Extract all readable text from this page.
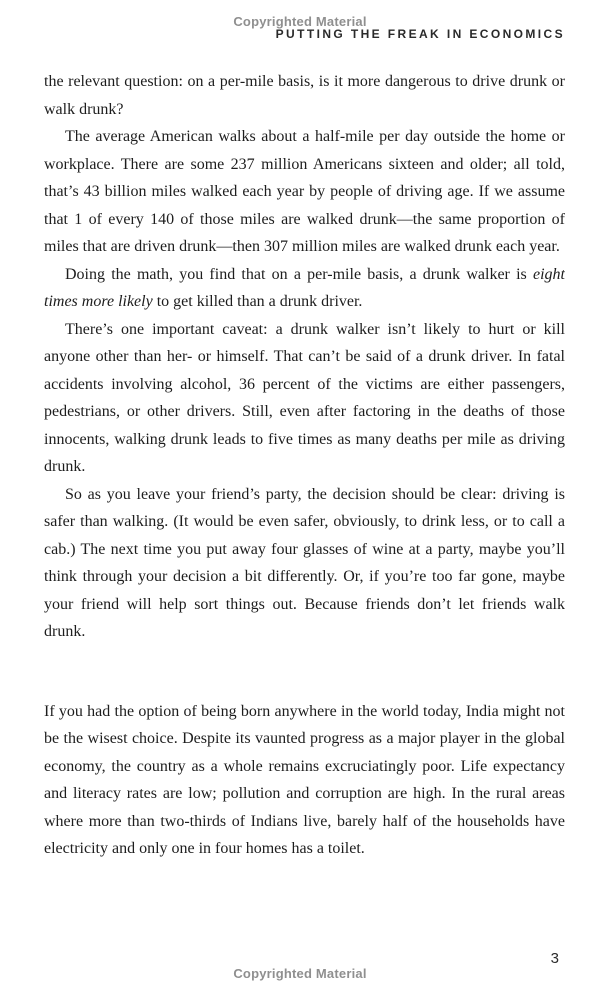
Copyrighted Material
PUTTING THE FREAK IN ECONOMICS

the relevant question: on a per-mile basis, is it more dangerous to drive drunk or walk drunk?

The average American walks about a half-mile per day outside the home or workplace. There are some 237 million Americans sixteen and older; all told, that’s 43 billion miles walked each year by people of driving age. If we assume that 1 of every 140 of those miles are walked drunk—the same proportion of miles that are driven drunk—then 307 million miles are walked drunk each year.

Doing the math, you find that on a per-mile basis, a drunk walker is eight times more likely to get killed than a drunk driver.

There’s one important caveat: a drunk walker isn’t likely to hurt or kill anyone other than her- or himself. That can’t be said of a drunk driver. In fatal accidents involving alcohol, 36 percent of the victims are either passengers, pedestrians, or other drivers. Still, even after factoring in the deaths of those innocents, walking drunk leads to five times as many deaths per mile as driving drunk.

So as you leave your friend’s party, the decision should be clear: driving is safer than walking. (It would be even safer, obviously, to drink less, or to call a cab.) The next time you put away four glasses of wine at a party, maybe you’ll think through your decision a bit differently. Or, if you’re too far gone, maybe your friend will help sort things out. Because friends don’t let friends walk drunk.

If you had the option of being born anywhere in the world today, India might not be the wisest choice. Despite its vaunted progress as a major player in the global economy, the country as a whole remains excruciatingly poor. Life expectancy and literacy rates are low; pollution and corruption are high. In the rural areas where more than two-thirds of Indians live, barely half of the households have electricity and only one in four homes has a toilet.

3
Copyrighted Material
